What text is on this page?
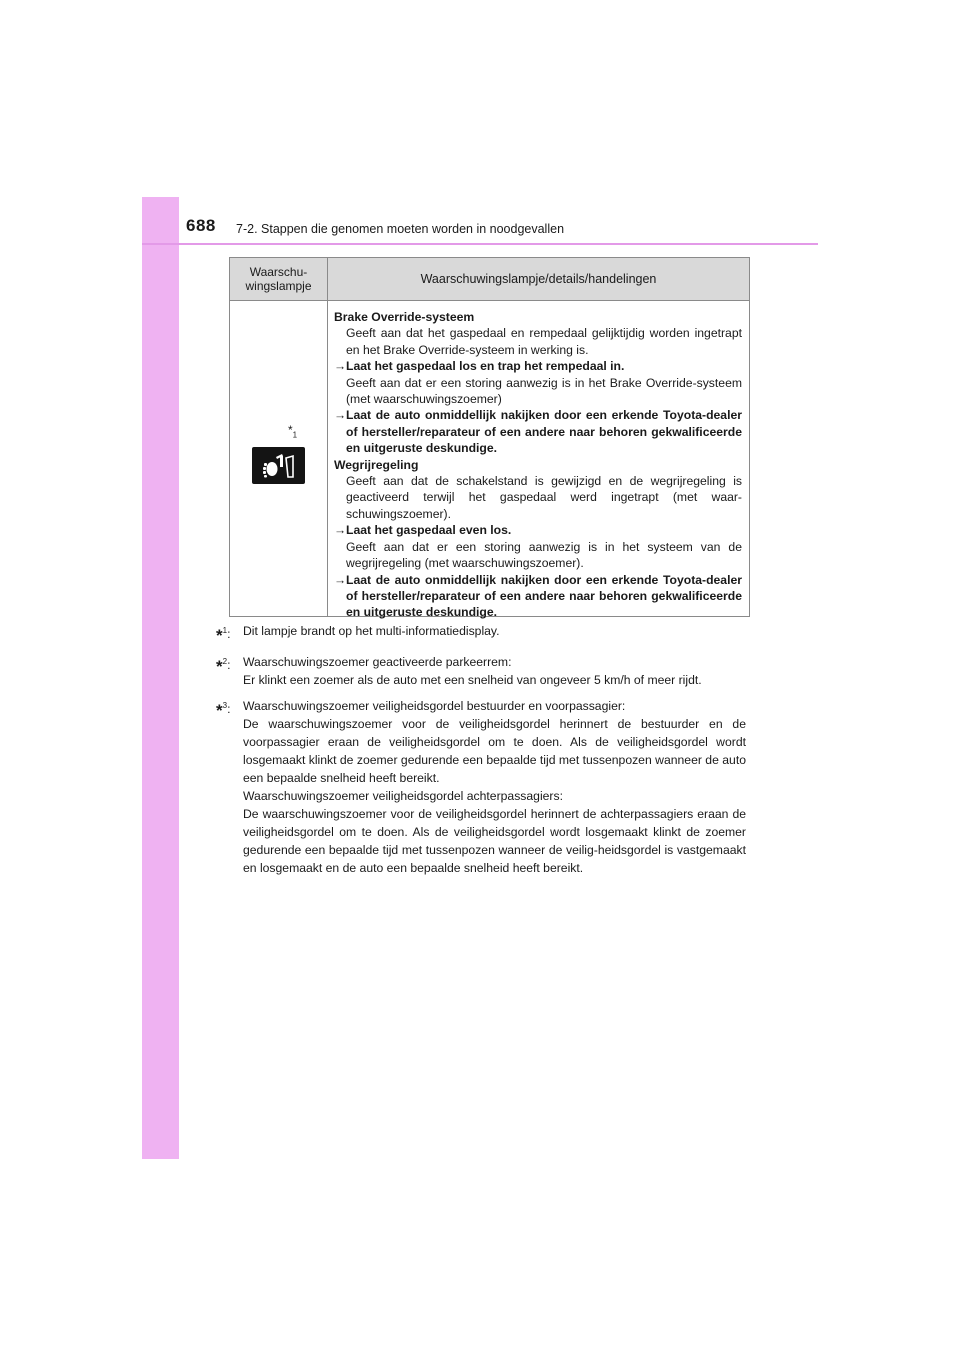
688 7-2. Stappen die genomen moeten worden in noodgevallen
Waarschu-
wingslampje	Waarschuwingslampje/details/handelingen
$*_1$
Brake Override-systeem
Geeft aan dat het gaspedaal en rempedaal gelijktijdig worden ingetrapt en het Brake Override-systeem in werking is.
→ Laat het gaspedaal los en trap het rempedaal in.
Geeft aan dat er een storing aanwezig is in het Brake Override-systeem (met waarschuwingszoemer)
→ Laat de auto onmiddellijk nakijken door een erkende Toyota-dealer of hersteller/reparateur of een andere naar behoren gekwalificeerde en uitgeruste deskundige.
Wegrijregeling
Geeft aan dat de schakelstand is gewijzigd en de wegrijregeling is geactiveerd terwijl het gaspedaal werd ingetrapt (met waar-schuwingszoemer).
→ Laat het gaspedaal even los.
Geeft aan dat er een storing aanwezig is in het systeem van de wegrijregeling (met waarschuwingszoemer).
→ Laat de auto onmiddellijk nakijken door een erkende Toyota-dealer of hersteller/reparateur of een andere naar behoren gekwalificeerde en uitgeruste deskundige.
*$^1$:	Dit lampje brandt op het multi-informatiedisplay.
*$^2$:	Waarschuwingszoemer geactiveerde parkeerrem:
Er klinkt een zoemer als de auto met een snelheid van ongeveer 5 km/h of meer rijdt.
*$^3$:	Waarschuwingszoemer veiligheidsgordel bestuurder en voorpassagier:
De waarschuwingszoemer voor de veiligheidsgordel herinnert de bestuurder en de voorpassagier eraan de veiligheidsgordel om te doen. Als de veiligheidsgordel wordt losgemaakt klinkt de zoemer gedurende een bepaalde tijd met tussenpozen wanneer de auto een bepaalde snelheid heeft bereikt.
Waarschuwingszoemer veiligheidsgordel achterpassagiers:
De waarschuwingszoemer voor de veiligheidsgordel herinnert de achterpassagiers eraan de veiligheidsgordel om te doen. Als de veiligheidsgordel wordt losgemaakt klinkt de zoemer gedurende een bepaalde tijd met tussenpozen wanneer de veilig-heidsgordel is vastgemaakt en losgemaakt en de auto een bepaalde snelheid heeft bereikt.
